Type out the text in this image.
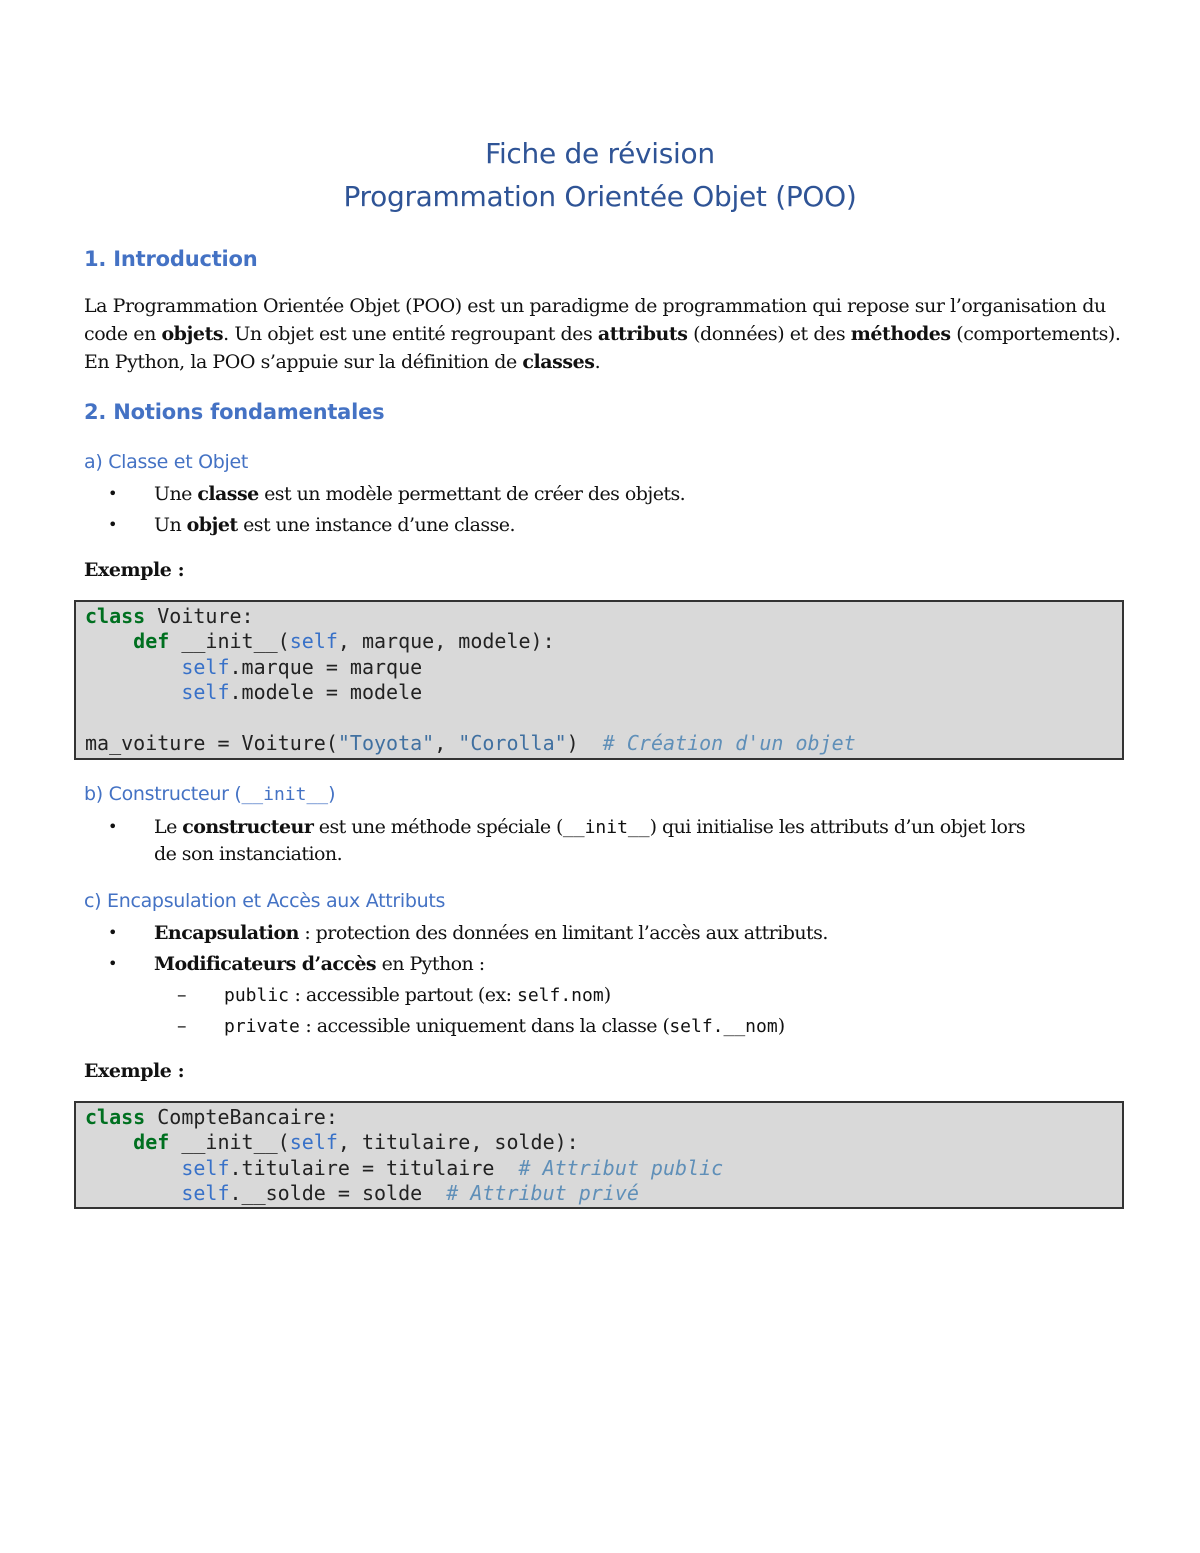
Fiche de révision
Programmation Orientée Objet (POO)
1. Introduction
La Programmation Orientée Objet (POO) est un paradigme de programmation qui repose sur l’organisation du code en objets. Un objet est une entité regroupant des attributs (données) et des méthodes (comportements). En Python, la POO s’appuie sur la définition de classes.
2. Notions fondamentales
a) Classe et Objet
• Une classe est un modèle permettant de créer des objets.
• Un objet est une instance d’une classe.
Exemple :
class Voiture:
def __init__(self, marque, modele):
self.marque = marque
self.modele = modele

ma_voiture = Voiture("Toyota", "Corolla")  # Création d'un objet
b) Constructeur (__init__)
• Le constructeur est une méthode spéciale (__init__) qui initialise les attributs d’un objet lors
de son instanciation.
c) Encapsulation et Accès aux Attributs
• Encapsulation : protection des données en limitant l’accès aux attributs.
• Modificateurs d’accès en Python :
– public : accessible partout (ex: self.nom)
– private : accessible uniquement dans la classe (self.__nom)
Exemple :
class CompteBancaire:
def __init__(self, titulaire, solde):
self.titulaire = titulaire  # Attribut public
self.__solde = solde  # Attribut privé
